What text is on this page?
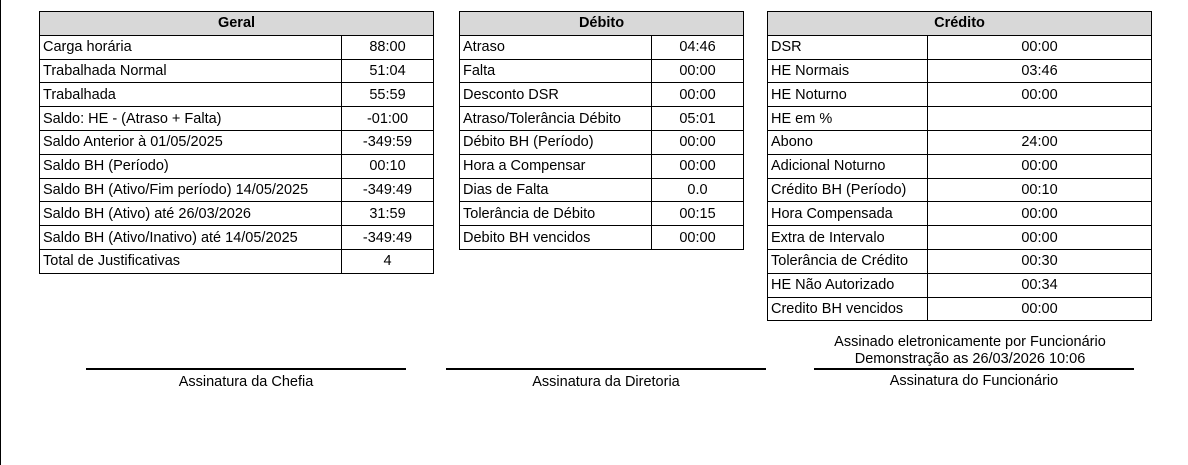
Geral	
Carga horária	88:00
Trabalhada Normal	51:04
Trabalhada	55:59
Saldo: HE - (Atraso + Falta)	-01:00
Saldo Anterior à 01/05/2025	-349:59
Saldo BH (Período)	00:10
Saldo BH (Ativo/Fim período) 14/05/2025	-349:49
Saldo BH (Ativo) até 26/03/2026	31:59
Saldo BH (Ativo/Inativo) até 14/05/2025	-349:49
Total de Justificativas	4
Débito	
Atraso	04:46
Falta	00:00
Desconto DSR	00:00
Atraso/Tolerância Débito	05:01
Débito BH (Período)	00:00
Hora a Compensar	00:00
Dias de Falta	0.0
Tolerância de Débito	00:15
Debito BH vencidos	00:00
Crédito	
DSR	00:00
HE Normais	03:46
HE Noturno	00:00
HE em %	
Abono	24:00
Adicional Noturno	00:00
Crédito BH (Período)	00:10
Hora Compensada	00:00
Extra de Intervalo	00:00
Tolerância de Crédito	00:30
HE Não Autorizado	00:34
Credito BH vencidos	00:00
Assinado eletronicamente por Funcionário
Demonstração as 26/03/2026 10:06
Assinatura da Chefia	Assinatura da Diretoria	Assinatura do Funcionário
